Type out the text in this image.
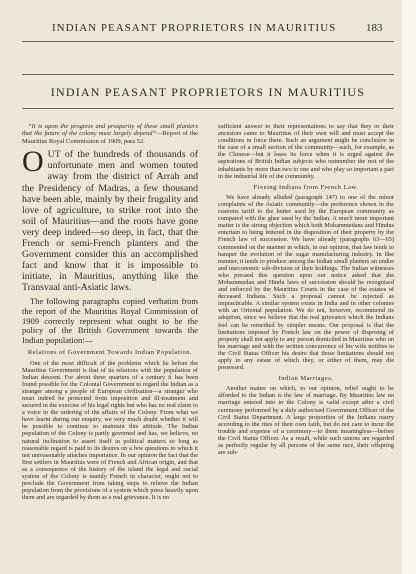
INDIAN PEASANT PROPRIETORS IN MAURITIUS	183
INDIAN PEASANT PROPRIETORS IN MAURITIUS

“It is upon the progress and prosperity of these small planters that the future of the colony must largely depend”—Report of the Mauritius Royal Commission of 1909, para 52.

OUT of the hundreds of thousands of unfortunate men and women touted away from the district of Arrah and the Presidency of Madras, a few thousand have been able, mainly by their frugality and love of agriculture, to strike root into the soil of Mauritius—and the roots have gone very deep indeed—so deep, in fact, that the French or semi-French planters and the Government consider this an accomplished fact and know that it is impossible to initiate, in Mauritius, anything like the Transvaal anti-Asiatic laws.

The following paragraphs copied verbatim from the report of the Mauritius Royal Commission of 1909 correctly represent what ought to be the policy of the British Government towards the Indian population:—

Relations of Government Towards Indian Population.

One of the most difficult of the problems which lie before the Mauritius Government is that of its relations with the population of Indian descent. For about three quarters of a century it has been found possible for the Colonial Government to regard the Indian as a stranger among a people of European civilisation—a stranger who must indeed be protected from imposition and ill-treatment and secured in the exercise of his legal rights but who has no real claim to a voice in the ordering of the affairs of the Colony. From what we have learnt during our enquiry, we very much doubt whether it will be possible to continue to maintain this attitude. The Indian population of the Colony is partly governed and has, we believe, no natural inclination to assert itself in political matters so long as reasonable regard is paid to its desires on a few questions to which it not unreasonably attaches importance. In our opinion the fact that the first settlers in Mauritius were of French and African origin, and that as a consequence of the history of the island the legal and social system of the Colony is mainly French in character, ought not to preclude the Government from taking steps to relieve the Indian population from the provisions of a system which press heavily upon them and are regarded by them as a real grievance. It is no

sufficient answer to their representations to say that they or their ancestors came to Mauritius of their own will and must accept the conditions in force there. Such an argument might be conclusive in the case of a small section of the community—such, for example, as the Chinese—but it loses its force when it is urged against the aspirations of British Indian subjects who outnumber the rest of the inhabitants by more than two to one and who play so important a part in the industrial life of the community.

Freeing Indians from French Law.

We have already alluded (paragraph 147) to one of the minor complaints of the Asiatic community—the preference shown in the customs tariff to the butter used by the European community as compared with the ghee used by the Indian. A much more important matter is the strong objection which both Mohammedans and Hindus entertain to being fettered in the disposition of their property by the French law of succession. We have already (paragraphs 63—65) commented on the manner in which, in our opinion, that law tends to hamper the evolution of the sugar manufacturing industry. In like manner, it tends to produce among the Indian small planters an undue and uneconomic sub-division of their holdings. The Indian witnesses who pressed this question upon our notice asked that the Mohammedan and Hindu laws of succession should be recognised and enforced by the Mauritius Courts in the case of the estates of deceased Indians. Such a proposal cannot be rejected as impracticable. A similar system exists in India and in other colonies with an Oriental population. We do not, however, recommend its adoption, since we believe that the real grievance which the Indians feel can be remedied by simpler means. Our proposal is that the limitations imposed by French law on the power of disposing of property shall not apply to any person domiciled in Mauritius who on his marriage and with the written concurrence of his wife notifies to the Civil Status Officer his desire that those limitations should not apply to any estate of which they, or either of them, may die possessed.

Indian Marriages.

Another matter on which, in our opinion, relief ought to be afforded to the Indian is the law of marriage. By Mauritius law no marriage entered into in the Colony is valid except after a civil ceremony performed by a duly authorised Government Officer of the Civil Status Department. A large proportion of the Indians marry according to the rites of their own faith, but do not care to incur the trouble and expense of a ceremony—to them meaningless—before the Civil Status Officer. As a result, while such unions are regarded as perfectly regular by all persons of the same race, their offspring are sub-
